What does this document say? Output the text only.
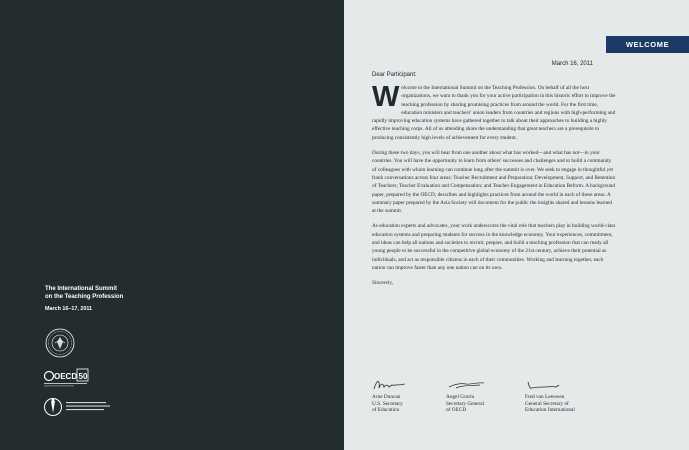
The International Summit
on the Teaching Profession
March 16–17, 2011
OECD 50
WELCOME
March 16, 2011
Dear Participant:

Welcome to the International Summit on the Teaching Profession. On behalf of all the host organizations, we want to thank you for your active participation in this historic effort to improve the teaching profession by sharing promising practices from around the world. For the first time, education ministers and teachers' union leaders from countries and regions with high-performing and rapidly improving education systems have gathered together to talk about their approaches to building a highly effective teaching corps. All of us attending share the understanding that great teachers are a prerequisite to producing consistently high levels of achievement for every student.

During these two days, you will hear from one another about what has worked—and what has not—in your countries. You will have the opportunity to learn from others' successes and challenges and to build a community of colleagues with whom learning can continue long after the summit is over. We seek to engage in thoughtful yet frank conversations across four areas: Teacher Recruitment and Preparation; Development, Support, and Retention of Teachers; Teacher Evaluation and Compensation; and Teacher Engagement in Education Reform. A background paper, prepared by the OECD, describes and highlights practices from around the world in each of these areas. A summary paper prepared by the Asia Society will document for the public the insights shared and lessons learned at the summit.

As education experts and advocates, your work underscores the vital role that teachers play in building world-class education systems and preparing students for success in the knowledge economy. Your experiences, commitment, and ideas can help all nations and societies to recruit, prepare, and build a teaching profession that can ready all young people to be successful in the competitive global economy of the 21st century, achieve their potential as individuals, and act as responsible citizens in each of their communities. Working and learning together, each nation can improve faster than any one nation can on its own.

Sincerely,

Arne Duncan
U.S. Secretary
of Education
Angel Gurría
Secretary General
of OECD
Fred van Leeuwen
General Secretary of
Education International
